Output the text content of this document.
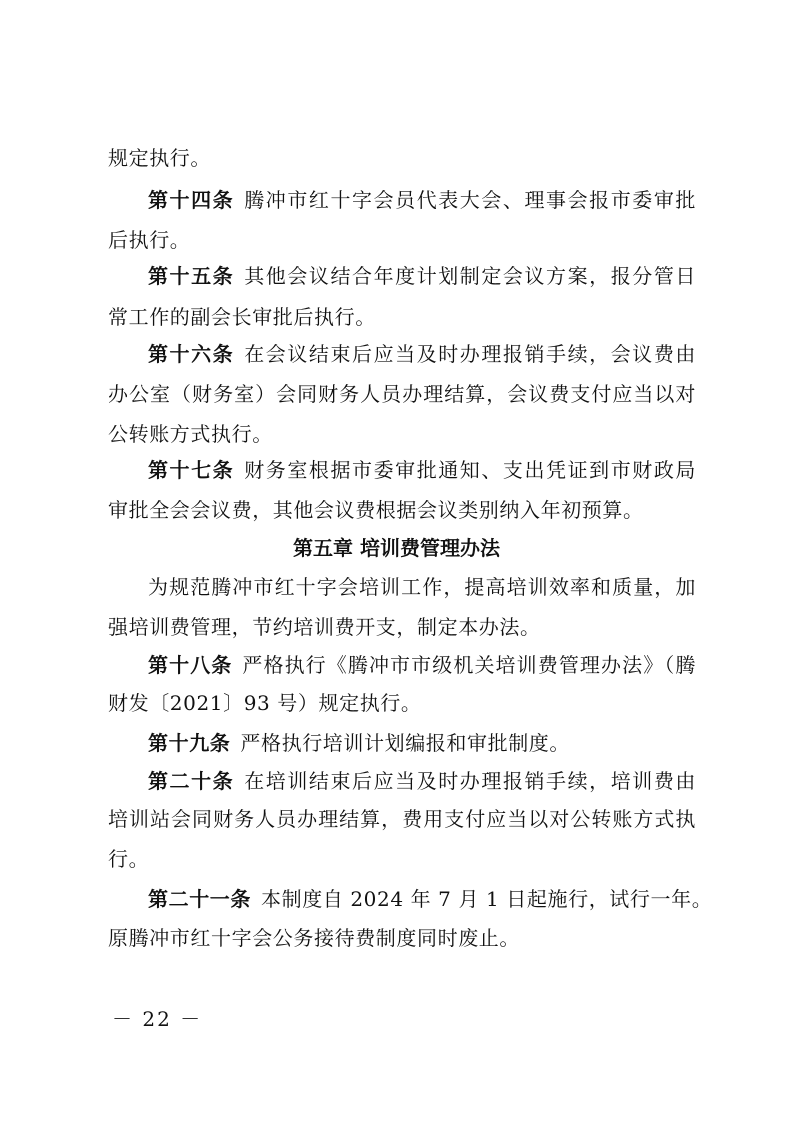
规定执行。
第十四条 腾冲市红十字会员代表大会、理事会报市委审批
后执行。
第十五条 其他会议结合年度计划制定会议方案，报分管日
常工作的副会长审批后执行。
第十六条 在会议结束后应当及时办理报销手续，会议费由
办公室（财务室）会同财务人员办理结算，会议费支付应当以对
公转账方式执行。
第十七条 财务室根据市委审批通知、支出凭证到市财政局
审批全会会议费，其他会议费根据会议类别纳入年初预算。
第五章 培训费管理办法
为规范腾冲市红十字会培训工作，提高培训效率和质量，加
强培训费管理，节约培训费开支，制定本办法。
第十八条 严格执行《腾冲市市级机关培训费管理办法》（腾
财发〔2021〕93 号）规定执行。
第十九条 严格执行培训计划编报和审批制度。
第二十条 在培训结束后应当及时办理报销手续，培训费由
培训站会同财务人员办理结算，费用支付应当以对公转账方式执
行。
第二十一条 本制度自 2024 年 7 月 1 日起施行，试行一年。
原腾冲市红十字会公务接待费制度同时废止。
－ 22 －
